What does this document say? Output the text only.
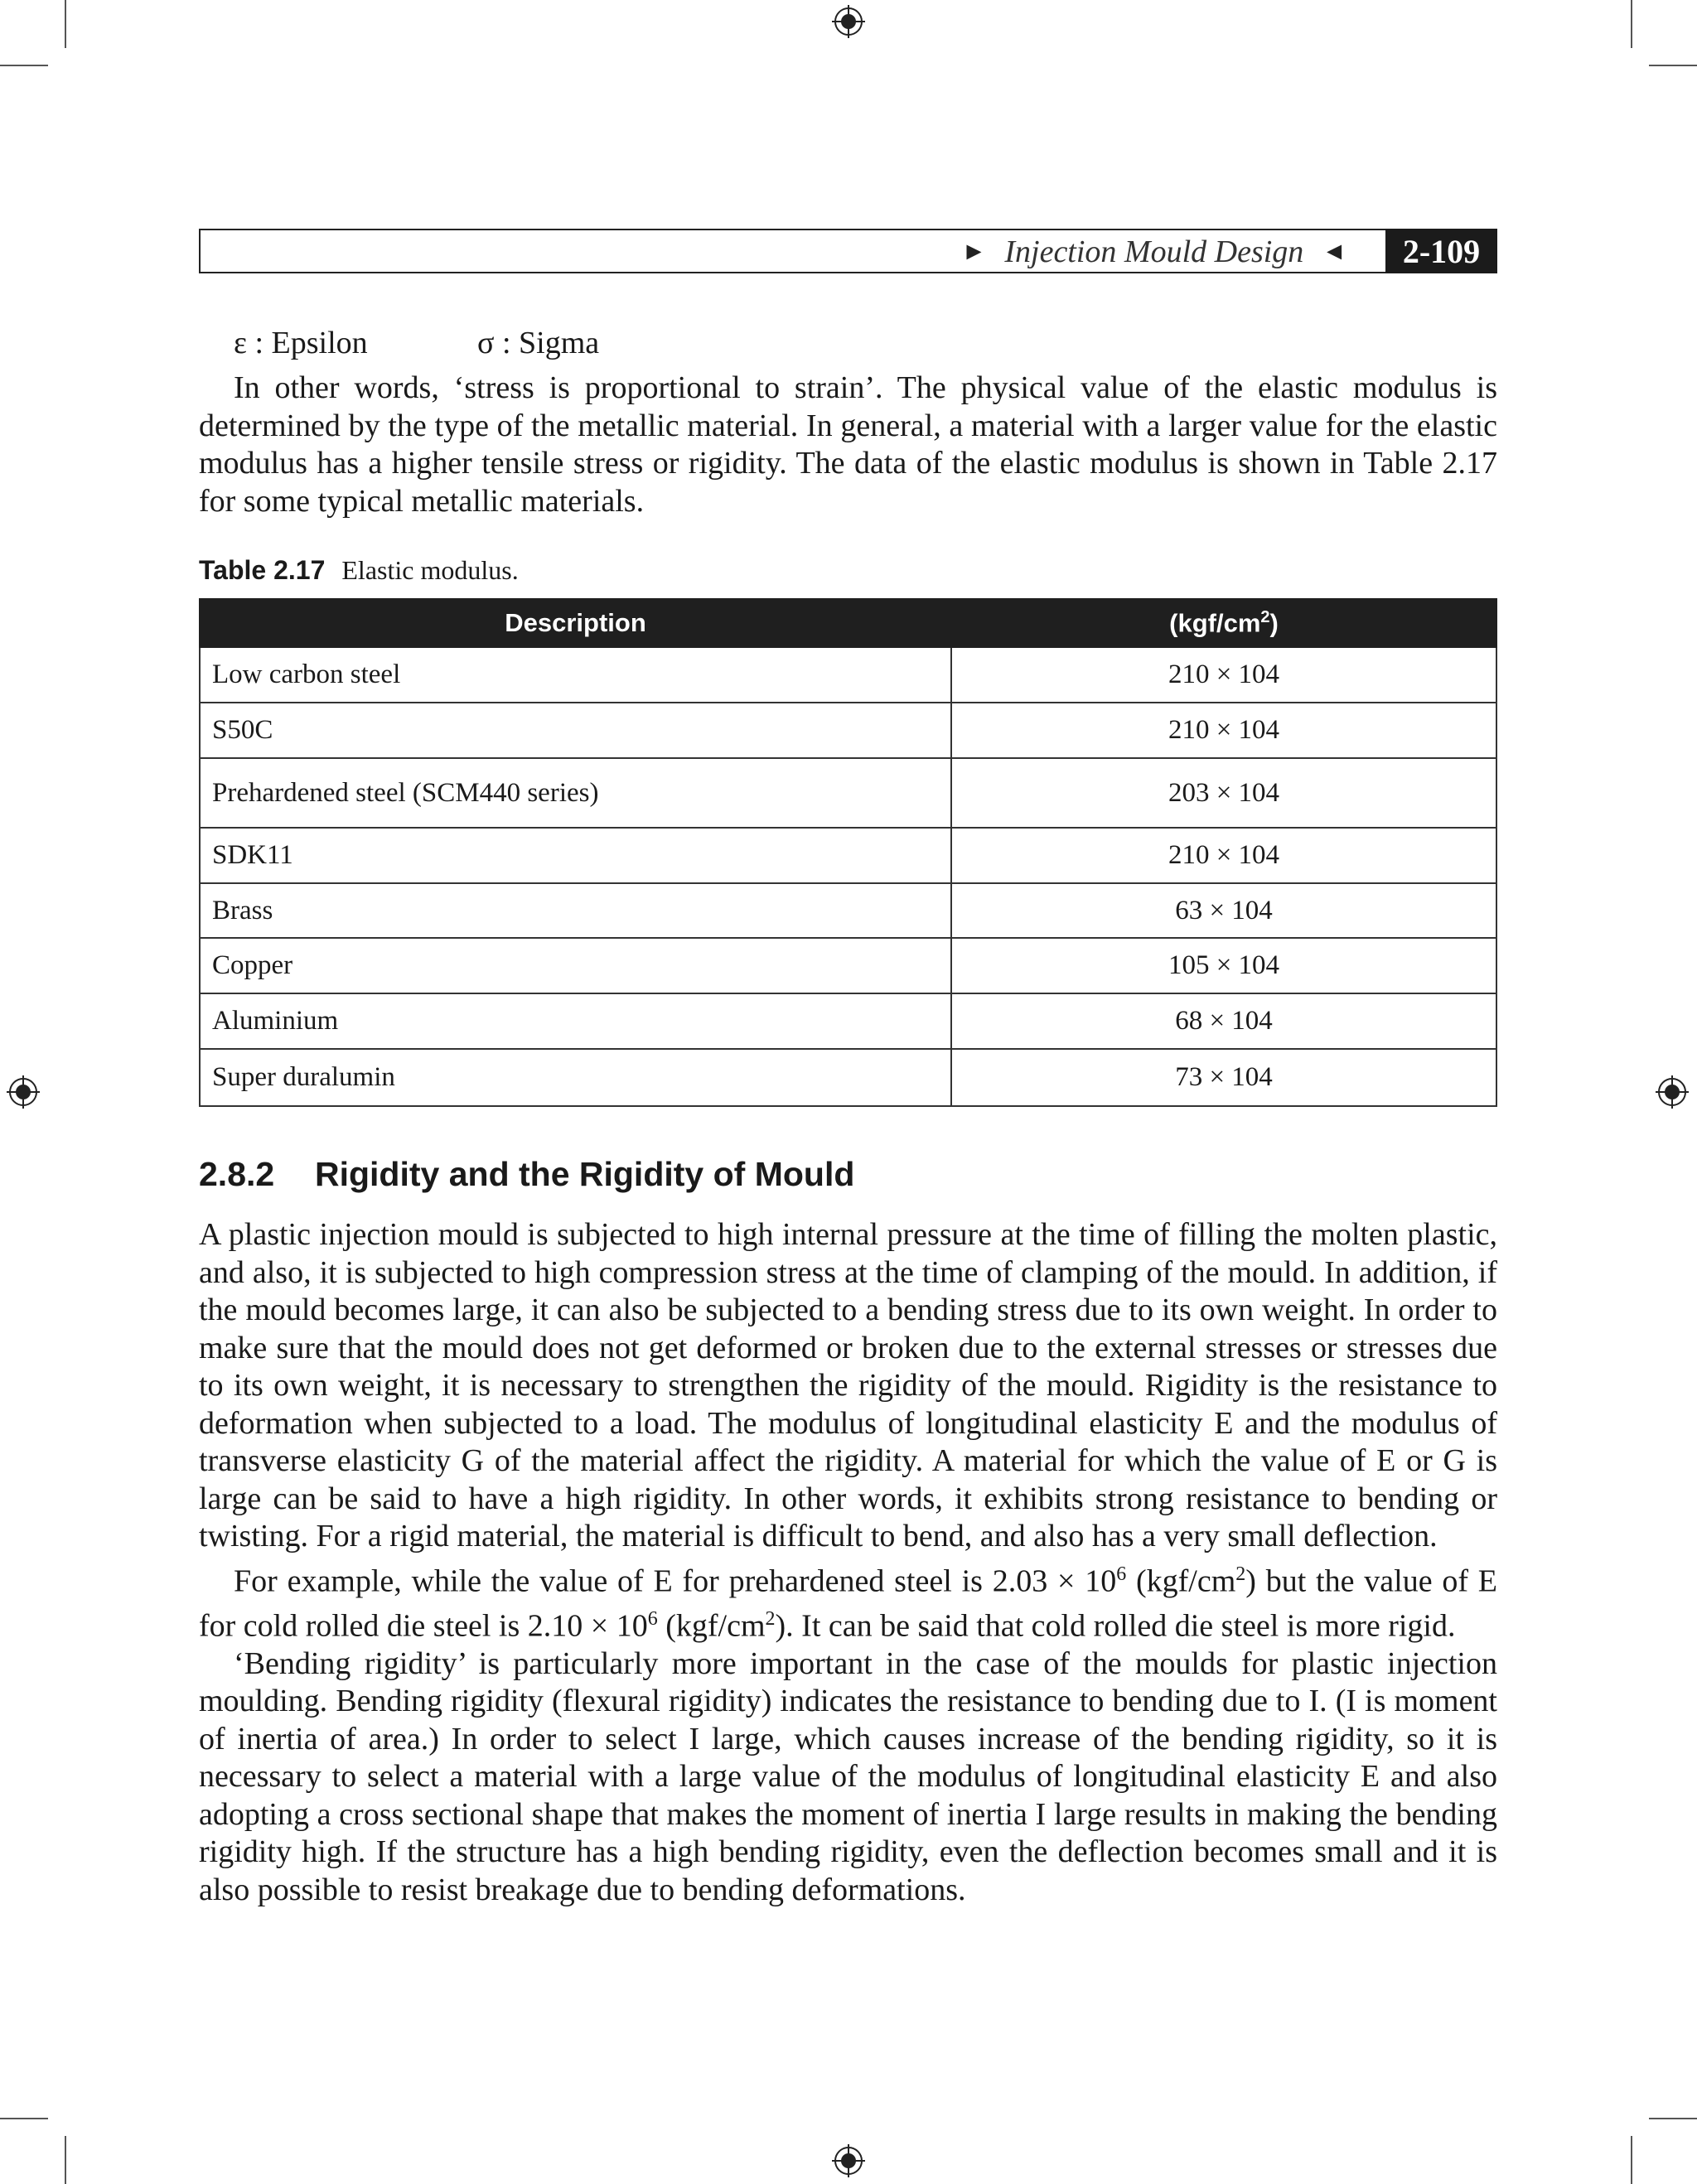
► Injection Mould Design ◄	2-109
ε : Epsilon	σ : Sigma

In other words, ‘stress is proportional to strain’. The physical value of the elastic modulus is determined by the type of the metallic material. In general, a material with a larger value for the elastic modulus has a higher tensile stress or rigidity. The data of the elastic modulus is shown in Table 2.17 for some typical metallic materials.

Table 2.17 Elastic modulus.
Description	$(kgf/cm^2)$
Low carbon steel	210 × 104
S50C	210 × 104
Prehardened steel (SCM440 series)	203 × 104
SDK11	210 × 104
Brass	63 × 104
Copper	105 × 104
Aluminium	68 × 104
Super duralumin	73 × 104
2.8.2 Rigidity and the Rigidity of Mould

A plastic injection mould is subjected to high internal pressure at the time of filling the molten plastic, and also, it is subjected to high compression stress at the time of clamping of the mould. In addition, if the mould becomes large, it can also be subjected to a bending stress due to its own weight. In order to make sure that the mould does not get deformed or broken due to the external stresses or stresses due to its own weight, it is necessary to strengthen the rigidity of the mould. Rigidity is the resistance to deformation when subjected to a load. The modulus of longitudinal elasticity E and the modulus of transverse elasticity G of the material affect the rigidity. A material for which the value of E or G is large can be said to have a high rigidity. In other words, it exhibits strong resistance to bending or twisting. For a rigid material, the material is difficult to bend, and also has a very small deflection.

For example, while the value of E for prehardened steel is $2.03 \times 10^6$ $(kgf/cm^2)$ but the value of E for cold rolled die steel is $2.10 \times 10^6$ $(kgf/cm^2)$. It can be said that cold rolled die steel is more rigid.

‘Bending rigidity’ is particularly more important in the case of the moulds for plastic injection moulding. Bending rigidity (flexural rigidity) indicates the resistance to bending due to I. (I is moment of inertia of area.) In order to select I large, which causes increase of the bending rigidity, so it is necessary to select a material with a large value of the modulus of longitudinal elasticity E and also adopting a cross sectional shape that makes the moment of inertia I large results in making the bending rigidity high. If the structure has a high bending rigidity, even the deflection becomes small and it is also possible to resist breakage due to bending deformations.
